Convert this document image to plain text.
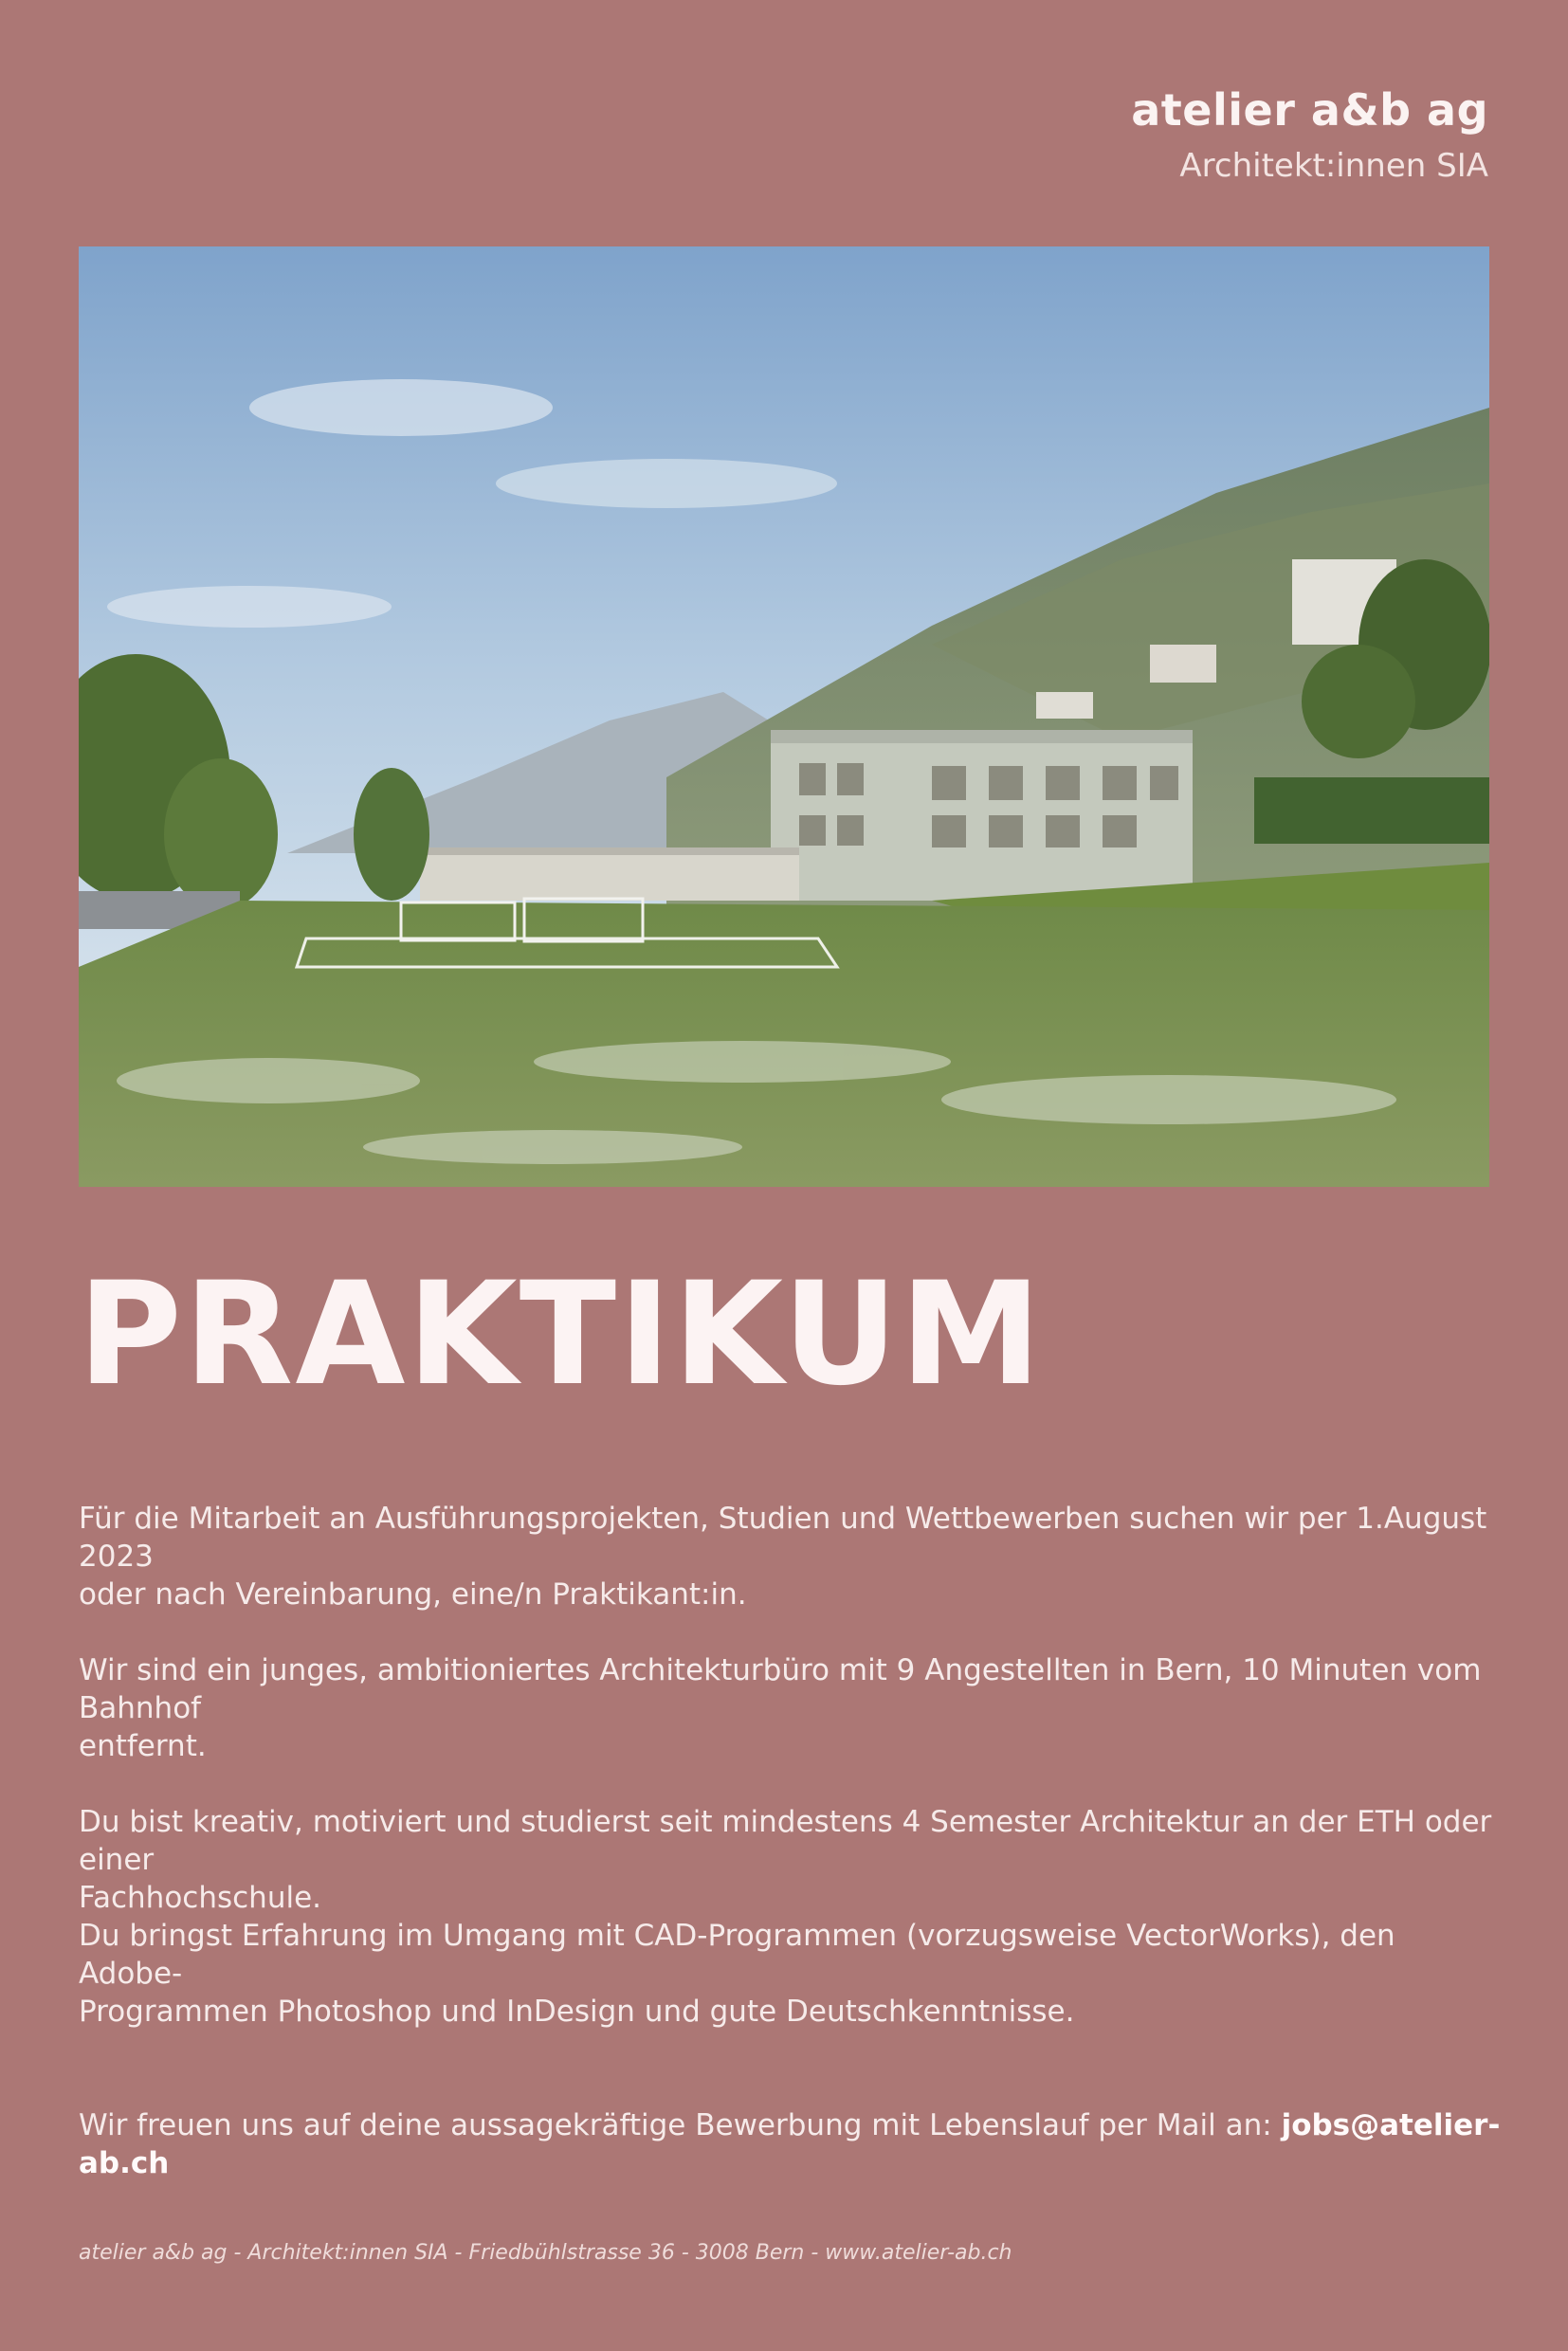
atelier a&b ag
Architekt:innen SIA
PRAKTIKUM

Für die Mitarbeit an Ausführungsprojekten, Studien und Wettbewerben suchen wir per 1.August 2023

oder nach Vereinbarung, eine/n Praktikant:in.

Wir sind ein junges, ambitioniertes Architekturbüro mit 9 Angestellten in Bern, 10 Minuten vom Bahnhof

entfernt.

Du bist kreativ, motiviert und studierst seit mindestens 4 Semester Architektur an der ETH oder einer

Fachhochschule.

Du bringst Erfahrung im Umgang mit CAD-Programmen (vorzugsweise VectorWorks), den Adobe-

Programmen Photoshop und InDesign und gute Deutschkenntnisse.

Wir freuen uns auf deine aussagekräftige Bewerbung mit Lebenslauf per Mail an: jobs@atelier-ab.ch

atelier a&b ag - Architekt:innen SIA - Friedbühlstrasse 36 - 3008 Bern - www.atelier-ab.ch
